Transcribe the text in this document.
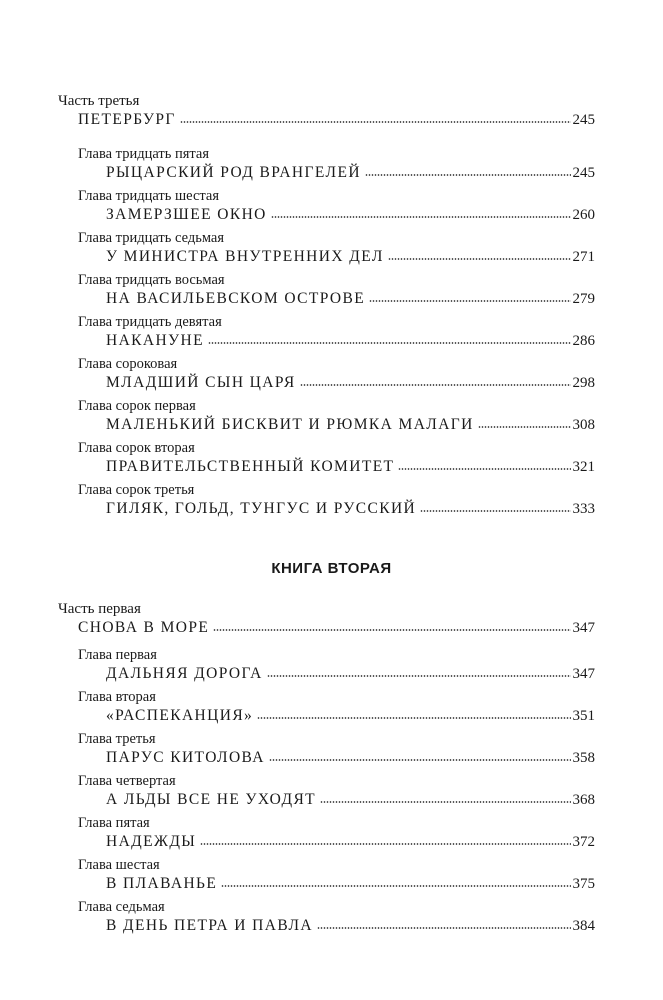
Часть третья
ПЕТЕРБУРГ	245
Глава тридцать пятая
РЫЦАРСКИЙ РОД ВРАНГЕЛЕЙ	245
Глава тридцать шестая
ЗАМЕРЗШЕЕ ОКНО	260
Глава тридцать седьмая
У МИНИСТРА ВНУТРЕННИХ ДЕЛ	271
Глава тридцать восьмая
НА ВАСИЛЬЕВСКОМ ОСТРОВЕ	279
Глава тридцать девятая
НАКАНУНЕ	286
Глава сороковая
МЛАДШИЙ СЫН ЦАРЯ	298
Глава сорок первая
МАЛЕНЬКИЙ БИСКВИТ И РЮМКА МАЛАГИ	308
Глава сорок вторая
ПРАВИТЕЛЬСТВЕННЫЙ КОМИТЕТ	321
Глава сорок третья
ГИЛЯК, ГОЛЬД, ТУНГУС И РУССКИЙ	333
КНИГА ВТОРАЯ
Часть первая
СНОВА В МОРЕ	347
Глава первая
ДАЛЬНЯЯ ДОРОГА	347
Глава вторая
«РАСПЕКАНЦИЯ»	351
Глава третья
ПАРУС КИТОЛОВА	358
Глава четвертая
А ЛЬДЫ ВСЕ НЕ УХОДЯТ	368
Глава пятая
НАДЕЖДЫ	372
Глава шестая
В ПЛАВАНЬЕ	375
Глава седьмая
В ДЕНЬ ПЕТРА И ПАВЛА	384
